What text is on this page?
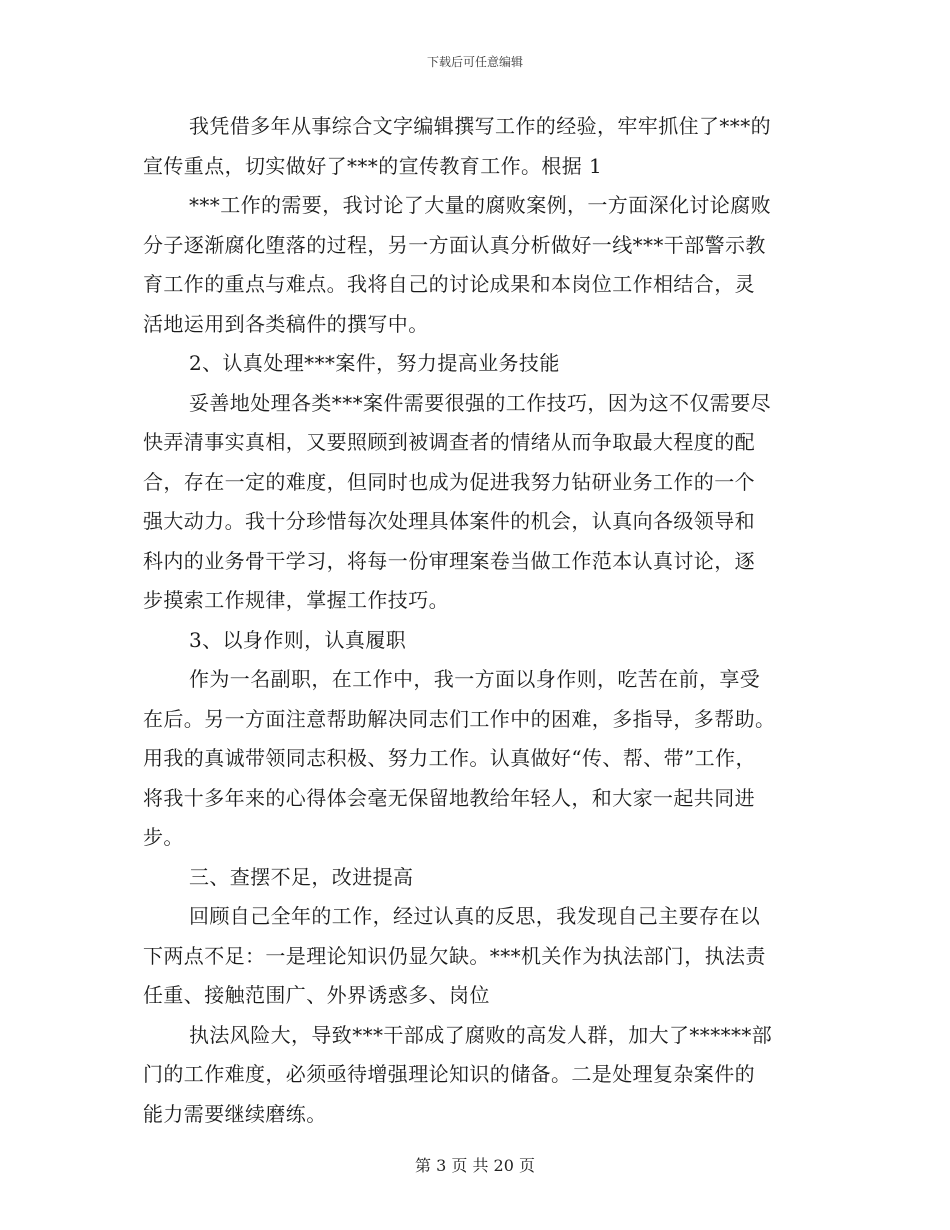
下载后可任意编辑
我凭借多年从事综合文字编辑撰写工作的经验，牢牢抓住了***的
宣传重点，切实做好了***的宣传教育工作。根据 1
***工作的需要，我讨论了大量的腐败案例，一方面深化讨论腐败
分子逐渐腐化堕落的过程，另一方面认真分析做好一线***干部警示教
育工作的重点与难点。我将自己的讨论成果和本岗位工作相结合，灵
活地运用到各类稿件的撰写中。
2、认真处理***案件，努力提高业务技能
妥善地处理各类***案件需要很强的工作技巧，因为这不仅需要尽
快弄清事实真相，又要照顾到被调查者的情绪从而争取最大程度的配
合，存在一定的难度，但同时也成为促进我努力钻研业务工作的一个
强大动力。我十分珍惜每次处理具体案件的机会，认真向各级领导和
科内的业务骨干学习，将每一份审理案卷当做工作范本认真讨论，逐
步摸索工作规律，掌握工作技巧。
3、以身作则，认真履职
作为一名副职，在工作中，我一方面以身作则，吃苦在前，享受
在后。另一方面注意帮助解决同志们工作中的困难，多指导，多帮助。
用我的真诚带领同志积极、努力工作。认真做好“传、帮、带”工作，
将我十多年来的心得体会毫无保留地教给年轻人，和大家一起共同进
步。
三、查摆不足，改进提高
回顾自己全年的工作，经过认真的反思，我发现自己主要存在以
下两点不足：一是理论知识仍显欠缺。***机关作为执法部门，执法责
任重、接触范围广、外界诱惑多、岗位
执法风险大，导致***干部成了腐败的高发人群，加大了******部
门的工作难度，必须亟待增强理论知识的储备。二是处理复杂案件的
能力需要继续磨练。
第 3 页 共 20 页
